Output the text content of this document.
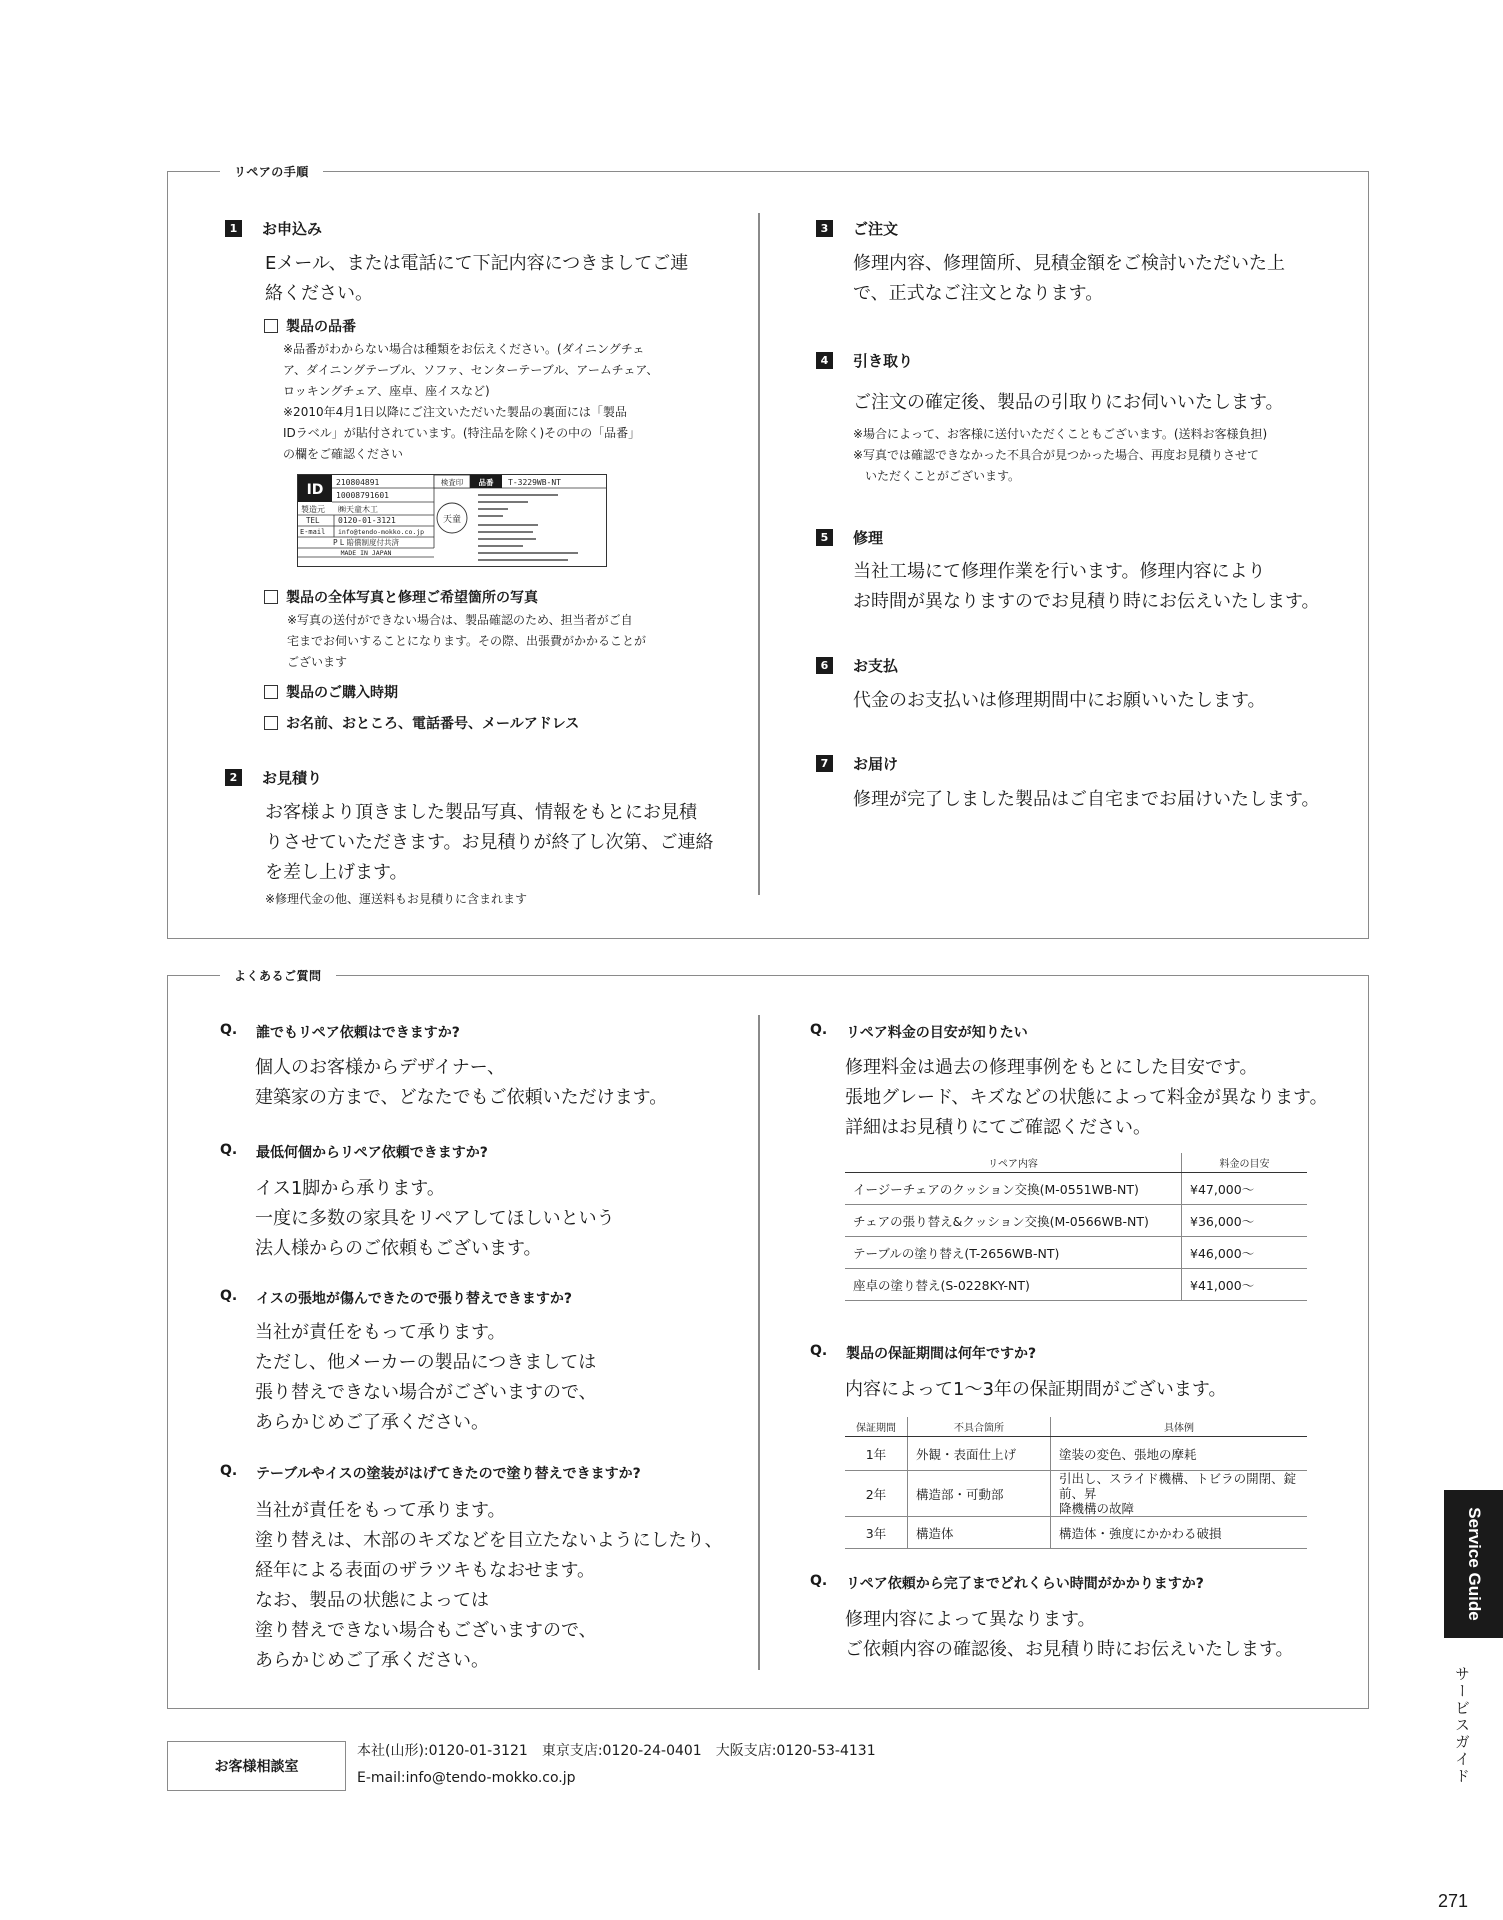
リペアの手順
1	お申込み
Eメール、または電話にて下記内容につきましてご連
絡ください。
製品の品番
※品番がわからない場合は種類をお伝えください。(ダイニングチェ
ア、ダイニングテーブル、ソファ、センターテーブル、アームチェア、
ロッキングチェア、座卓、座イスなど)
※2010年4月1日以降にご注文いただいた製品の裏面には「製品
IDラベル」が貼付されています。(特注品を除く)その中の「品番」
の欄をご確認ください
ID 210804891
10008791601
検査印 品番 T-3229WB-NT
製造元 ㈱天童木工
TEL 0120-01-3121
E-mail info@tendo-mokko.co.jp
P L 賠償制度付共済
MADE IN JAPAN
天童
製品の全体写真と修理ご希望箇所の写真
※写真の送付ができない場合は、製品確認のため、担当者がご自
宅までお伺いすることになります。その際、出張費がかかることが
ございます
製品のご購入時期
お名前、おところ、電話番号、メールアドレス
2	お見積り
お客様より頂きました製品写真、情報をもとにお見積
りさせていただきます。お見積りが終了し次第、ご連絡
を差し上げます。
※修理代金の他、運送料もお見積りに含まれます
3	ご注文
修理内容、修理箇所、見積金額をご検討いただいた上
で、正式なご注文となります。
4	引き取り
ご注文の確定後、製品の引取りにお伺いいたします。
※場合によって、お客様に送付いただくこともございます。(送料お客様負担)
※写真では確認できなかった不具合が見つかった場合、再度お見積りさせて
　いただくことがございます。
5	修理
当社工場にて修理作業を行います。修理内容により
お時間が異なりますのでお見積り時にお伝えいたします。
6	お支払
代金のお支払いは修理期間中にお願いいたします。
7	お届け
修理が完了しました製品はご自宅までお届けいたします。
よくあるご質問
Q.	誰でもリペア依頼はできますか?
個人のお客様からデザイナー、
建築家の方まで、どなたでもご依頼いただけます。
Q.	最低何個からリペア依頼できますか?
イス1脚から承ります。
一度に多数の家具をリペアしてほしいという
法人様からのご依頼もございます。
Q.	イスの張地が傷んできたので張り替えできますか?
当社が責任をもって承ります。
ただし、他メーカーの製品につきましては
張り替えできない場合がございますので、
あらかじめご了承ください。
Q.	テーブルやイスの塗装がはげてきたので塗り替えできますか?
当社が責任をもって承ります。
塗り替えは、木部のキズなどを目立たないようにしたり、
経年による表面のザラツキもなおせます。
なお、製品の状態によっては
塗り替えできない場合もございますので、
あらかじめご了承ください。
Q.	リペア料金の目安が知りたい
修理料金は過去の修理事例をもとにした目安です。
張地グレード、キズなどの状態によって料金が異なります。
詳細はお見積りにてご確認ください。
リペア内容	料金の目安
イージーチェアのクッション交換(M-0551WB-NT)	¥47,000〜
チェアの張り替え&クッション交換(M-0566WB-NT)	¥36,000〜
テーブルの塗り替え(T-2656WB-NT)	¥46,000〜
座卓の塗り替え(S-0228KY-NT)	¥41,000〜
Q.	製品の保証期間は何年ですか?
内容によって1〜3年の保証期間がございます。
保証期間	不具合箇所	具体例
1年	外観・表面仕上げ	塗装の変色、張地の摩耗
2年	構造部・可動部	引出し、スライド機構、トビラの開閉、錠前、昇
降機構の故障
3年	構造体	構造体・強度にかかわる破損
Q.	リペア依頼から完了までどれくらい時間がかかりますか?
修理内容によって異なります。
ご依頼内容の確認後、お見積り時にお伝えいたします。
お客様相談室
本社(山形):0120-01-3121　東京支店:0120-24-0401　大阪支店:0120-53-4131
E-mail:info@tendo-mokko.co.jp
Service Guide
サービスガイド
271
